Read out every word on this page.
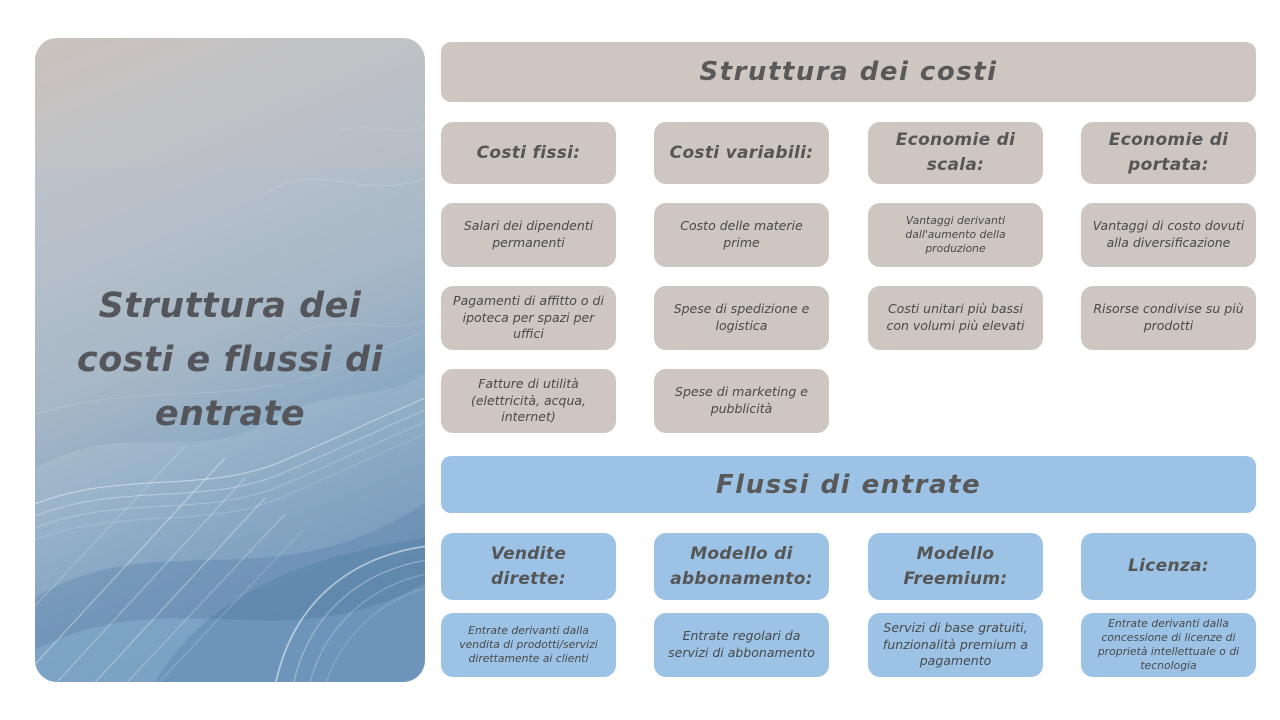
Struttura dei costi e flussi di entrate
Struttura dei costi
Costi fissi:	Costi variabili:
Economie di scala:
Economie di portata:
Salari dei dipendenti permanenti
Costo delle materie prime
Vantaggi derivanti dall'aumento della produzione
Vantaggi di costo dovuti alla diversificazione
Pagamenti di affitto o di ipoteca per spazi per uffici
Spese di spedizione e logistica
Costi unitari più bassi con volumi più elevati
Risorse condivise su più prodotti
Fatture di utilità (elettricità, acqua, internet)
Spese di marketing e pubblicità
Flussi di entrate
Vendite dirette:
Modello di abbonamento:
Modello Freemium:
Licenza:
Entrate derivanti dalla vendita di prodotti/servizi direttamente ai clienti
Entrate regolari da servizi di abbonamento
Servizi di base gratuiti, funzionalità premium a pagamento
Entrate derivanti dalla concessione di licenze di proprietà intellettuale o di tecnologia
